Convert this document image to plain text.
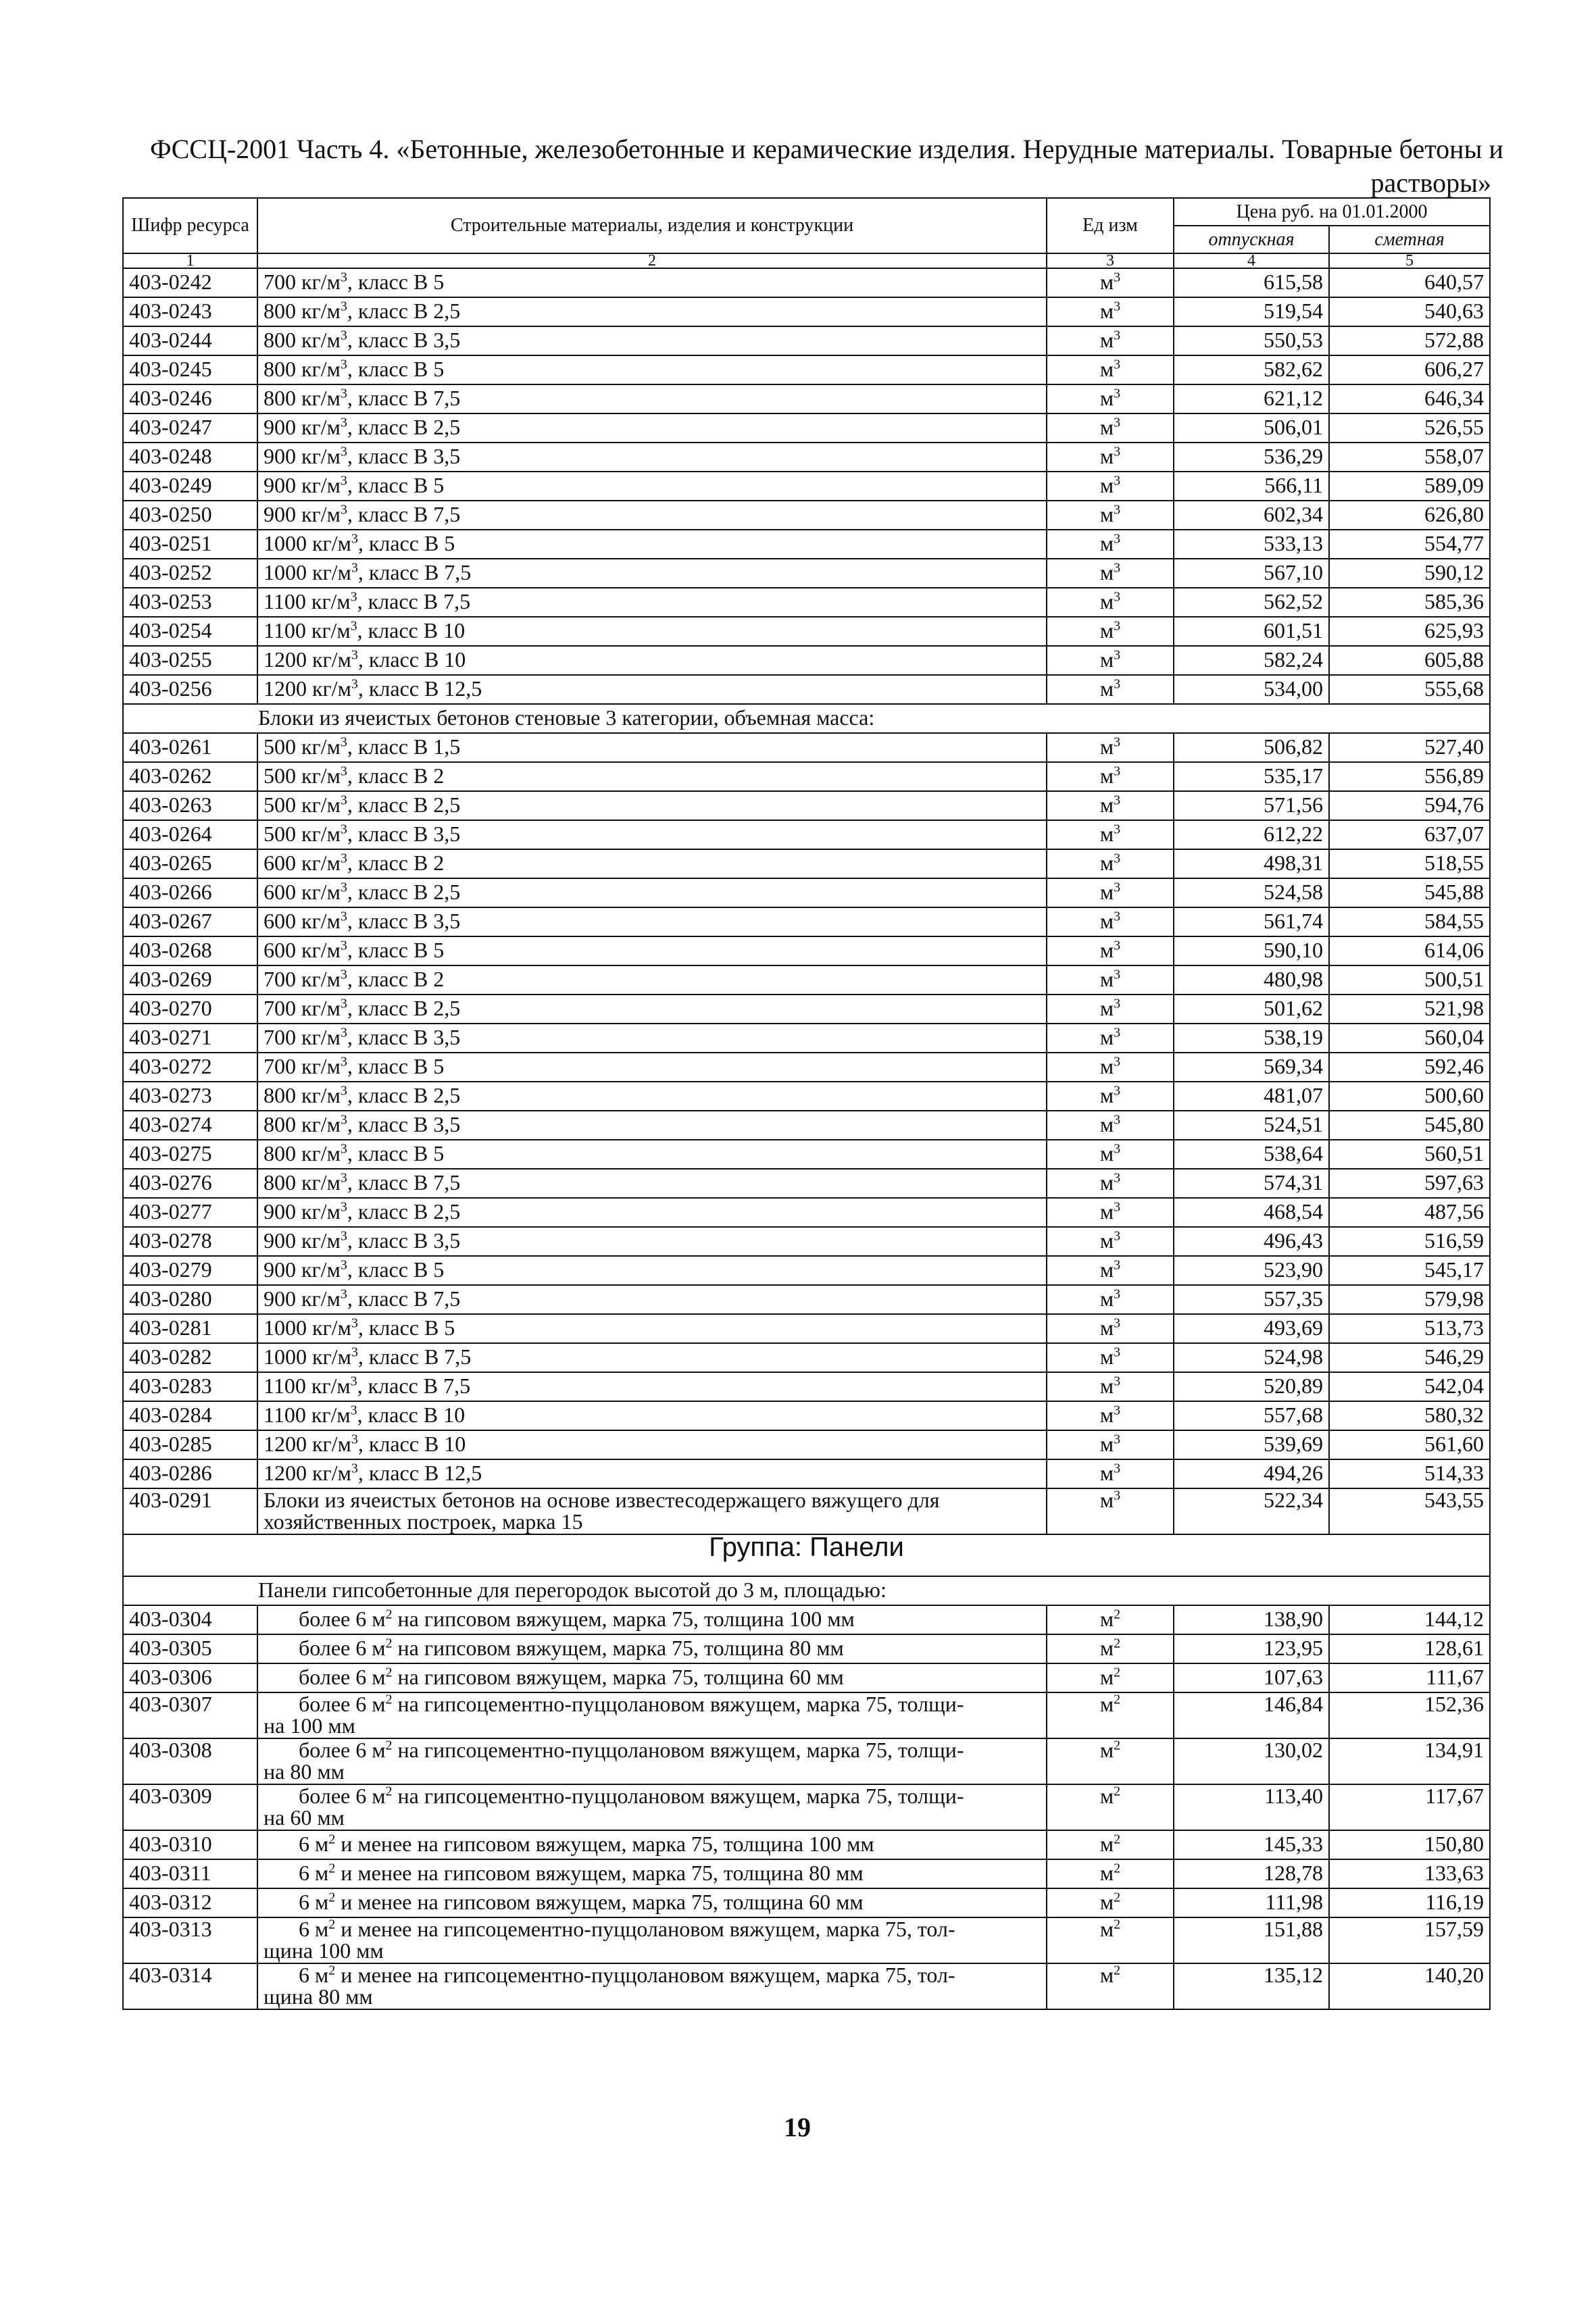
ФССЦ-2001 Часть 4. «Бетонные, железобетонные и керамические изделия. Нерудные материалы. Товарные бетоны и
растворы»
Шифр ресурса	Строительные материалы, изделия и конструкции	Ед изм	Цена руб. на 01.01.2000	
			отпускная	сметная
1	2	3	4	5
403-0242	700 $кг/м^3$, класс В 5	$м^3$	615,58	640,57
403-0243	800 $кг/м^3$, класс В 2,5	$м^3$	519,54	540,63
403-0244	800 $кг/м^3$, класс В 3,5	$м^3$	550,53	572,88
403-0245	800 $кг/м^3$, класс В 5	$м^3$	582,62	606,27
403-0246	800 $кг/м^3$, класс В 7,5	$м^3$	621,12	646,34
403-0247	900 $кг/м^3$, класс В 2,5	$м^3$	506,01	526,55
403-0248	900 $кг/м^3$, класс В 3,5	$м^3$	536,29	558,07
403-0249	900 $кг/м^3$, класс В 5	$м^3$	566,11	589,09
403-0250	900 $кг/м^3$, класс В 7,5	$м^3$	602,34	626,80
403-0251	1000 $кг/м^3$, класс В 5	$м^3$	533,13	554,77
403-0252	1000 $кг/м^3$, класс В 7,5	$м^3$	567,10	590,12
403-0253	1100 $кг/м^3$, класс В 7,5	$м^3$	562,52	585,36
403-0254	1100 $кг/м^3$, класс В 10	$м^3$	601,51	625,93
403-0255	1200 $кг/м^3$, класс В 10	$м^3$	582,24	605,88
403-0256	1200 $кг/м^3$, класс В 12,5	$м^3$	534,00	555,68
Блоки из ячеистых бетонов стеновые 3 категории, объемная масса:				
403-0261	500 $кг/м^3$, класс В 1,5	$м^3$	506,82	527,40
403-0262	500 $кг/м^3$, класс В 2	$м^3$	535,17	556,89
403-0263	500 $кг/м^3$, класс В 2,5	$м^3$	571,56	594,76
403-0264	500 $кг/м^3$, класс В 3,5	$м^3$	612,22	637,07
403-0265	600 $кг/м^3$, класс В 2	$м^3$	498,31	518,55
403-0266	600 $кг/м^3$, класс В 2,5	$м^3$	524,58	545,88
403-0267	600 $кг/м^3$, класс В 3,5	$м^3$	561,74	584,55
403-0268	600 $кг/м^3$, класс В 5	$м^3$	590,10	614,06
403-0269	700 $кг/м^3$, класс В 2	$м^3$	480,98	500,51
403-0270	700 $кг/м^3$, класс В 2,5	$м^3$	501,62	521,98
403-0271	700 $кг/м^3$, класс В 3,5	$м^3$	538,19	560,04
403-0272	700 $кг/м^3$, класс В 5	$м^3$	569,34	592,46
403-0273	800 $кг/м^3$, класс В 2,5	$м^3$	481,07	500,60
403-0274	800 $кг/м^3$, класс В 3,5	$м^3$	524,51	545,80
403-0275	800 $кг/м^3$, класс В 5	$м^3$	538,64	560,51
403-0276	800 $кг/м^3$, класс В 7,5	$м^3$	574,31	597,63
403-0277	900 $кг/м^3$, класс В 2,5	$м^3$	468,54	487,56
403-0278	900 $кг/м^3$, класс В 3,5	$м^3$	496,43	516,59
403-0279	900 $кг/м^3$, класс В 5	$м^3$	523,90	545,17
403-0280	900 $кг/м^3$, класс В 7,5	$м^3$	557,35	579,98
403-0281	1000 $кг/м^3$, класс В 5	$м^3$	493,69	513,73
403-0282	1000 $кг/м^3$, класс В 7,5	$м^3$	524,98	546,29
403-0283	1100 $кг/м^3$, класс В 7,5	$м^3$	520,89	542,04
403-0284	1100 $кг/м^3$, класс В 10	$м^3$	557,68	580,32
403-0285	1200 $кг/м^3$, класс В 10	$м^3$	539,69	561,60
403-0286	1200 $кг/м^3$, класс В 12,5	$м^3$	494,26	514,33
403-0291	Блоки из ячеистых бетонов на основе известесодержащего вяжущего для
хозяйственных построек, марка 15	$м^3$	522,34	543,55
Группа: Панели				
Панели гипсобетонные для перегородок высотой до 3 м, площадью:				
403-0304	более 6 $м^2$ на гипсовом вяжущем, марка 75, толщина 100 мм	$м^2$	138,90	144,12
403-0305	более 6 $м^2$ на гипсовом вяжущем, марка 75, толщина 80 мм	$м^2$	123,95	128,61
403-0306	более 6 $м^2$ на гипсовом вяжущем, марка 75, толщина 60 мм	$м^2$	107,63	111,67
403-0307	более 6 $м^2$ на гипсоцементно-пуццолановом вяжущем, марка 75, толщи-
на 100 мм	$м^2$	146,84	152,36
403-0308	более 6 $м^2$ на гипсоцементно-пуццолановом вяжущем, марка 75, толщи-
на 80 мм	$м^2$	130,02	134,91
403-0309	более 6 $м^2$ на гипсоцементно-пуццолановом вяжущем, марка 75, толщи-
на 60 мм	$м^2$	113,40	117,67
403-0310	6 $м^2$ и менее на гипсовом вяжущем, марка 75, толщина 100 мм	$м^2$	145,33	150,80
403-0311	6 $м^2$ и менее на гипсовом вяжущем, марка 75, толщина 80 мм	$м^2$	128,78	133,63
403-0312	6 $м^2$ и менее на гипсовом вяжущем, марка 75, толщина 60 мм	$м^2$	111,98	116,19
403-0313	6 $м^2$ и менее на гипсоцементно-пуццолановом вяжущем, марка 75, тол-
щина 100 мм	$м^2$	151,88	157,59
403-0314	6 $м^2$ и менее на гипсоцементно-пуццолановом вяжущем, марка 75, тол-
щина 80 мм	$м^2$	135,12	140,20
19
